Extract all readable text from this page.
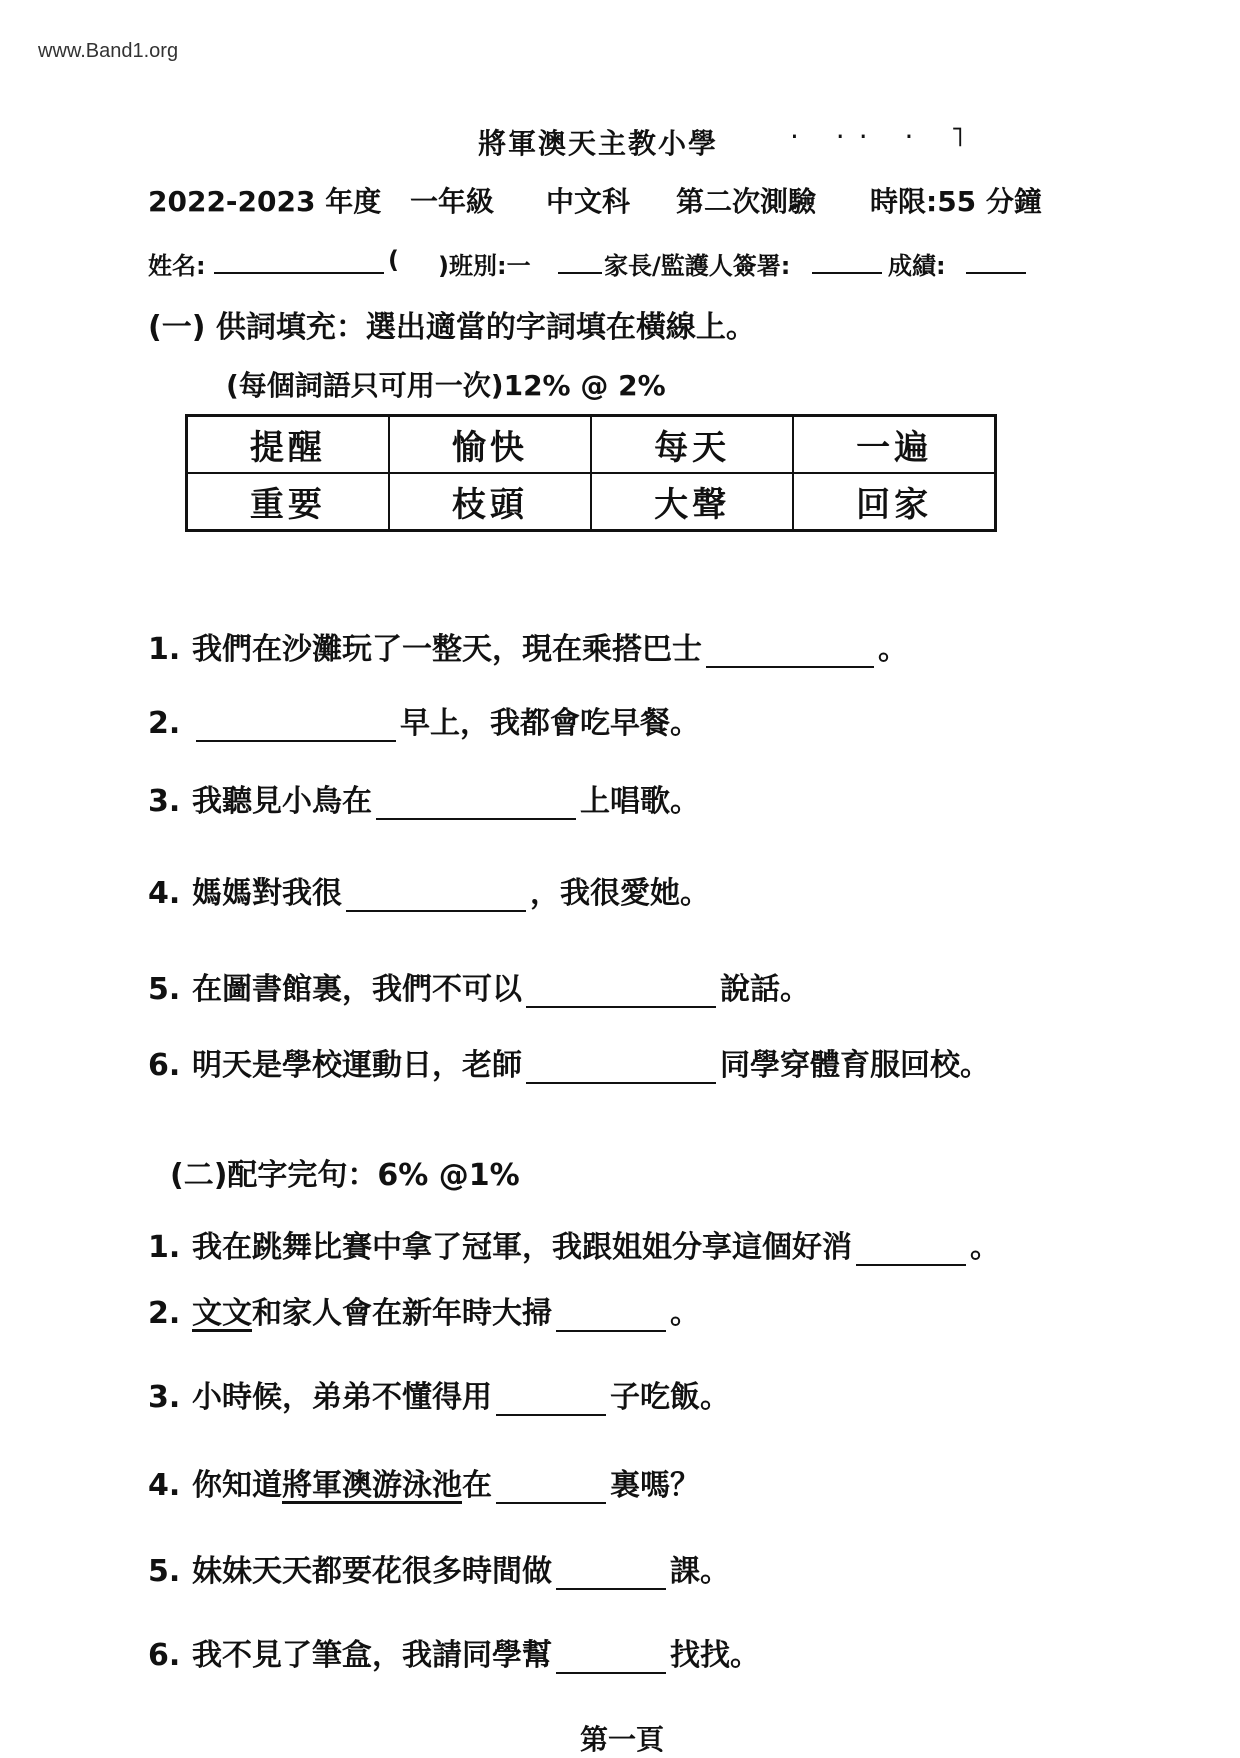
www.Band1.org
將軍澳天主教小學	· ·· · ˥
2022-2023 年度 一年級 中文科 第二次測驗 時限:55 分鐘
姓名:	( )班別:一	家長/監護人簽署:	成績:
(一) 供詞填充：選出適當的字詞填在橫線上。
(每個詞語只可用一次)12% @ 2%
提醒	愉快	每天	一遍
重要	枝頭	大聲	回家
1. 我們在沙灘玩了一整天，現在乘搭巴士	。
2.	早上，我都會吃早餐。
3. 我聽見小鳥在	上唱歌。
4. 媽媽對我很	，我很愛她。
5. 在圖書館裏，我們不可以	說話。
6. 明天是學校運動日，老師	同學穿體育服回校。
(二)配字完句：6% @1%
1. 我在跳舞比賽中拿了冠軍，我跟姐姐分享這個好消	。
2. 文文和家人會在新年時大掃	。
3. 小時候，弟弟不懂得用	子吃飯。
4. 你知道將軍澳游泳池在	裏嗎？
5. 妹妹天天都要花很多時間做	課。
6. 我不見了筆盒，我請同學幫	找找。
第一頁
